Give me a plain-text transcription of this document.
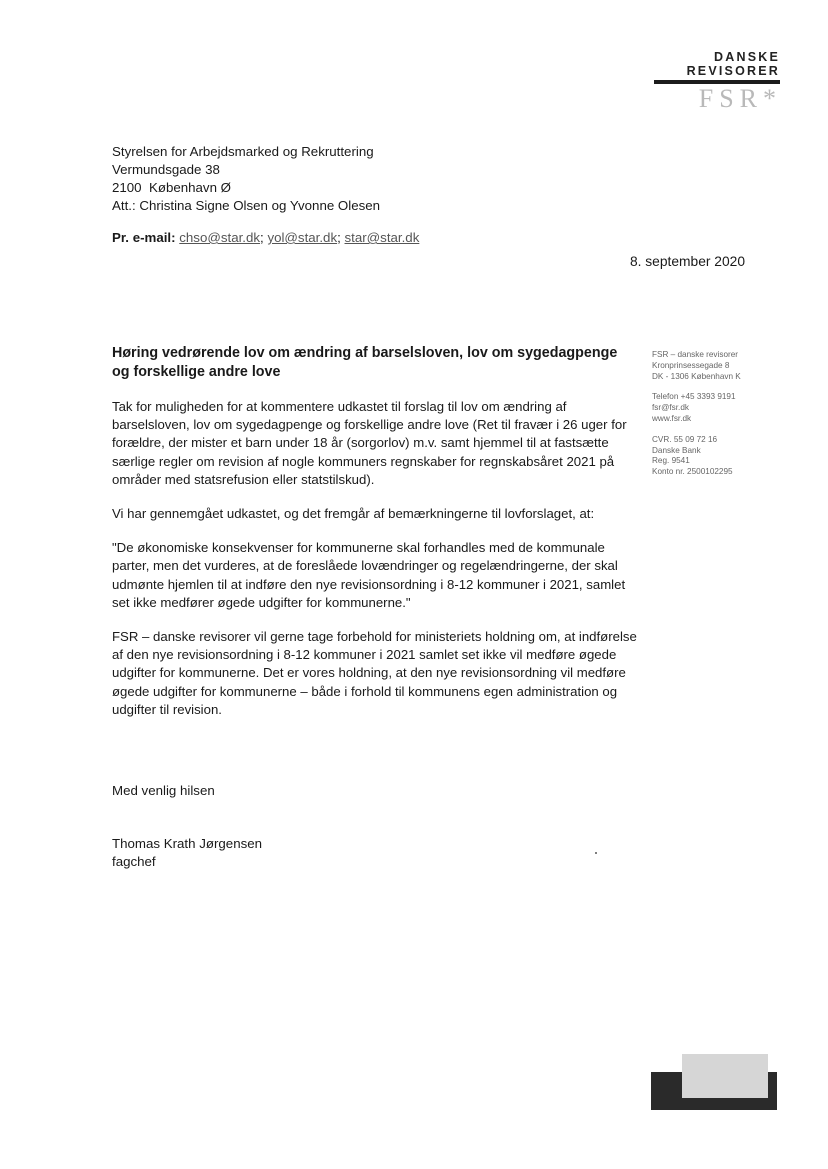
DANSKE
REVISORER
FSR*
Styrelsen for Arbejdsmarked og Rekruttering
Vermundsgade 38
2100  København Ø
Att.: Christina Signe Olsen og Yvonne Olesen
Pr. e-mail: chso@star.dk; yol@star.dk; star@star.dk
8. september 2020
Høring vedrørende lov om ændring af barselsloven, lov om sygedagpenge og forskellige andre love
FSR – danske revisorer
Kronprinsessegade 8
DK - 1306 København K
Telefon +45 3393 9191
fsr@fsr.dk
www.fsr.dk
CVR. 55 09 72 16
Danske Bank
Reg. 9541
Konto nr. 2500102295

Tak for muligheden for at kommentere udkastet til forslag til lov om ændring af barselsloven, lov om sygedagpenge og forskellige andre love (Ret til fravær i 26 uger for forældre, der mister et barn under 18 år (sorgorlov) m.v. samt hjemmel til at fastsætte særlige regler om revision af nogle kommuners regnskaber for regnskabsåret 2021 på områder med statsrefusion eller statstilskud).

Vi har gennemgået udkastet, og det fremgår af bemærkningerne til lovforslaget, at:

"De økonomiske konsekvenser for kommunerne skal forhandles med de kommunale parter, men det vurderes, at de foreslåede lovændringer og regelændringerne, der skal udmønte hjemlen til at indføre den nye revisionsordning i 8-12 kommuner i 2021, samlet set ikke medfører øgede udgifter for kommunerne."

FSR – danske revisorer vil gerne tage forbehold for ministeriets holdning om, at indførelse af den nye revisionsordning i 8-12 kommuner i 2021 samlet set ikke vil medføre øgede udgifter for kommunerne. Det er vores holdning, at den nye revisionsordning vil medføre øgede udgifter for kommunerne – både i forhold til kommunens egen administration og udgifter til revision.

Med venlig hilsen
Thomas Krath Jørgensen
fagchef
